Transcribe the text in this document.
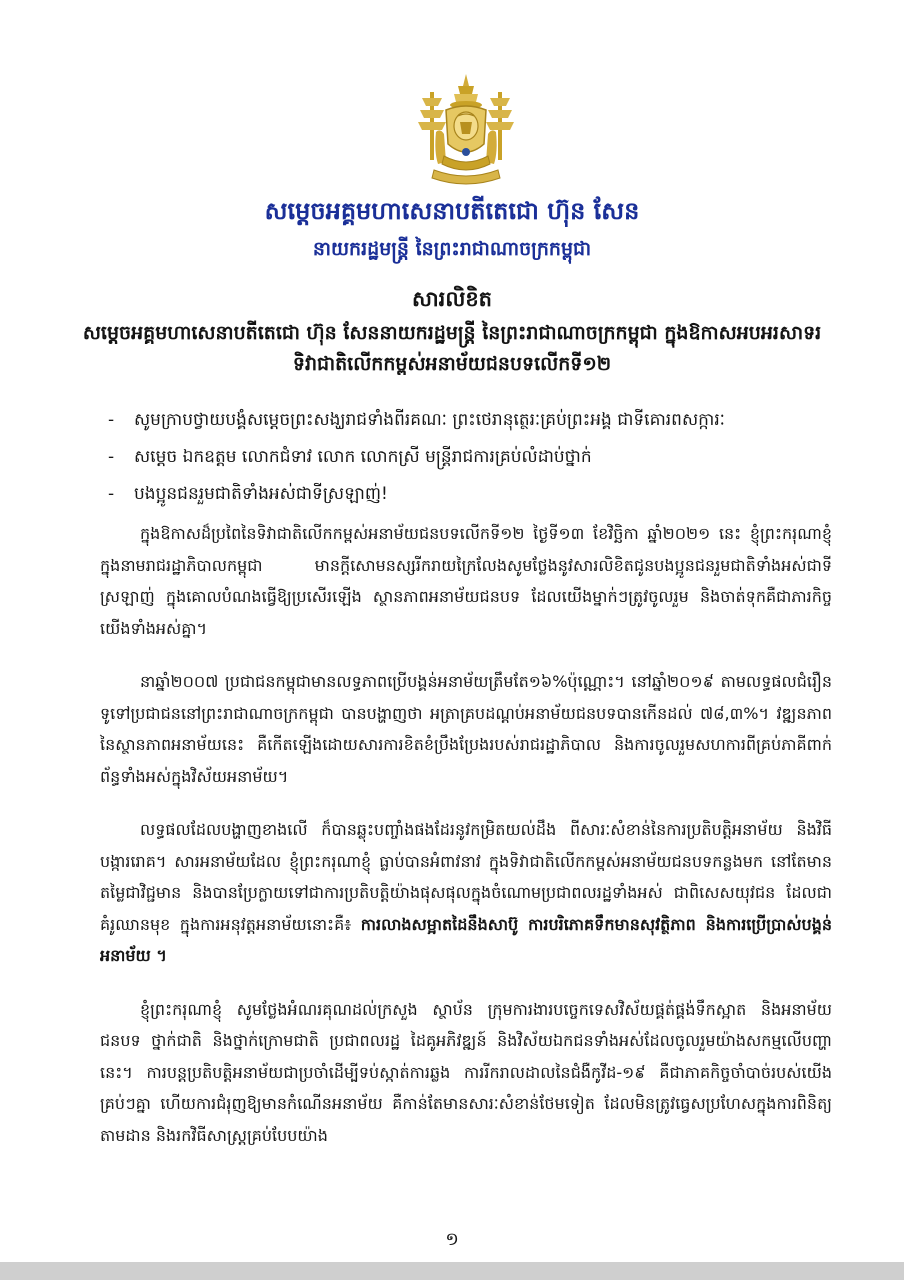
សម្តេចអគ្គមហាសេនាបតីតេជោ ហ៊ុន សែន
នាយករដ្ឋមន្ត្រី នៃព្រះរាជាណាចក្រកម្ពុជា
សារលិខិត
សម្តេចអគ្គមហាសេនាបតីតេជោ ហ៊ុន សែននាយករដ្ឋមន្ត្រី នៃព្រះរាជាណាចក្រកម្ពុជា ក្នុងឱកាសអបអរសាទរទិវាជាតិលើកកម្ពស់អនាម័យជនបទលើកទី១២
- សូមក្រាបថ្វាយបង្គំសម្តេចព្រះសង្ឃរាជទាំងពីរគណៈ ព្រះថេរានុត្ថេរៈគ្រប់ព្រះអង្គ ជាទីគោរពសក្ការៈ
- សម្តេច ឯកឧត្តម លោកជំទាវ លោក លោកស្រី មន្ត្រីរាជការគ្រប់លំដាប់ថ្នាក់
- បងប្អូនជនរួមជាតិទាំងអស់ជាទីស្រឡាញ់!

ក្នុងឱកាសដ៏ប្រពៃនៃទិវាជាតិលើកកម្ពស់អនាម័យជនបទលើកទី១២ ថ្ងៃទី១៣ ខែវិច្ឆិកា ឆ្នាំ២០២១ នេះ ខ្ញុំព្រះករុណាខ្ញុំ ក្នុងនាមរាជរដ្ឋាភិបាលកម្ពុជា មានក្តីសោមនស្សរីករាយក្រៃលែងសូមថ្លែងនូវសារលិខិតជូនបងប្អូនជនរួមជាតិទាំងអស់ជាទីស្រឡាញ់ ក្នុងគោលបំណងធ្វើឱ្យប្រសើរឡើង ស្ថានភាពអនាម័យជនបទ ដែលយើងម្នាក់ៗត្រូវចូលរួម និងចាត់ទុកគឺជាភារកិច្ចយើងទាំងអស់គ្នា។

នាឆ្នាំ២០០៧ ប្រជាជនកម្ពុជាមានលទ្ធភាពប្រើបង្គន់អនាម័យត្រឹមតែ១៦%ប៉ុណ្ណោះ។ នៅឆ្នាំ២០១៩ តាមលទ្ធផលជំរឿនទូទៅប្រជាជននៅព្រះរាជាណាចក្រកម្ពុជា បានបង្ហាញថា អត្រាគ្របដណ្តប់អនាម័យជនបទបានកើនដល់ ៧៨,៣%។ វឌ្ឍនភាពនៃស្ថានភាពអនាម័យនេះ គឺកើតឡើងដោយសារការខិតខំប្រឹងប្រែងរបស់រាជរដ្ឋាភិបាល និងការចូលរួមសហការពីគ្រប់ភាគីពាក់ព័ន្ធទាំងអស់ក្នុងវិស័យអនាម័យ។

លទ្ធផលដែលបង្ហាញខាងលើ ក៏បានឆ្លុះបញ្ចាំងផងដែរនូវកម្រិតយល់ដឹង ពីសារៈសំខាន់នៃការប្រតិបត្តិអនាម័យ និងវិធីបង្ការរោគ។ សារអនាម័យដែល ខ្ញុំព្រះករុណាខ្ញុំ ធ្លាប់បានអំពាវនាវ ក្នុងទិវាជាតិលើកកម្ពស់អនាម័យជនបទកន្លងមក នៅតែមានតម្លៃជាវិជ្ជមាន និងបានប្រែក្លាយទៅជាការប្រតិបត្តិយ៉ាងផុសផុលក្នុងចំណោមប្រជាពលរដ្ឋទាំងអស់ ជាពិសេសយុវជន ដែលជាគំរូឈានមុខ ក្នុងការអនុវត្តអនាម័យនោះគឺ៖ ការលាងសម្អាតដៃនឹងសាប៊ូ ការបរិភោគទឹកមានសុវត្ថិភាព និងការប្រើប្រាស់បង្គន់អនាម័យ ។

ខ្ញុំព្រះករុណាខ្ញុំ សូមថ្លែងអំណរគុណដល់ក្រសួង ស្ថាប័ន ក្រុមការងារបច្ចេកទេសវិស័យផ្គត់ផ្គង់ទឹកស្អាត និងអនាម័យជនបទ ថ្នាក់ជាតិ និងថ្នាក់ក្រោមជាតិ ប្រជាពលរដ្ឋ ដៃគូអភិវឌ្ឍន៍ និងវិស័យឯកជនទាំងអស់ដែលចូលរួមយ៉ាងសកម្មលើបញ្ហានេះ។ ការបន្តប្រតិបត្តិអនាម័យជាប្រចាំដើម្បីទប់ស្កាត់ការឆ្លង ការរីករាលដាលនៃជំងឺកូវីដ-១៩ គឺជាភាគកិច្ចចាំបាច់របស់យើងគ្រប់ៗគ្នា ហើយការជំរុញឱ្យមានកំណើនអនាម័យ គឺកាន់តែមានសារៈសំខាន់ថែមទៀត ដែលមិនត្រូវធ្វេសប្រហែសក្នុងការពិនិត្យតាមដាន និងរកវិធីសាស្ត្រគ្រប់បែបយ៉ាង

១
